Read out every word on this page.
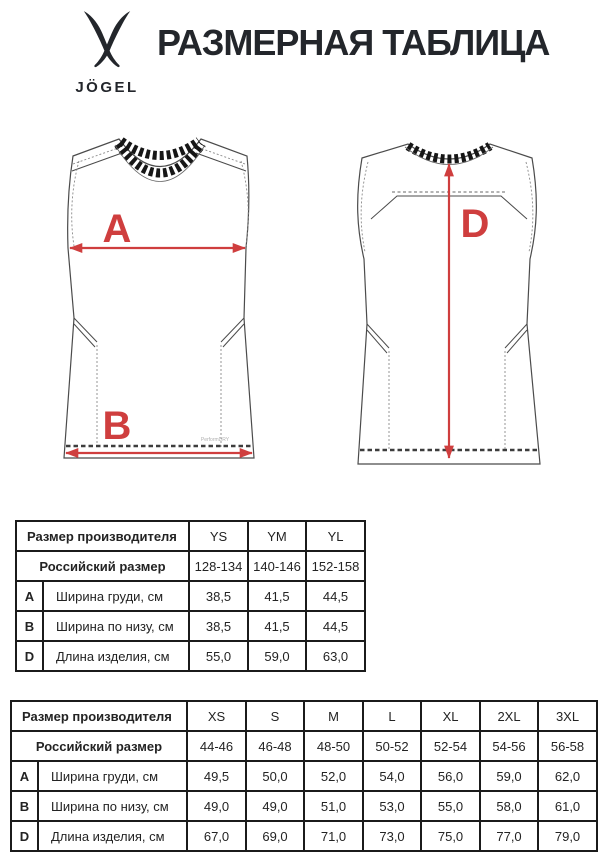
JÖGEL
РАЗМЕРНАЯ ТАБЛИЦА
A
B	PerformDRY
D
Размер производителя		YS	YM	YL
Российский размер		128-134	140-146	152-158
A	Ширина груди, см	38,5	41,5	44,5
B	Ширина по низу, см	38,5	41,5	44,5
D	Длина изделия, см	55,0	59,0	63,0
Размер производителя		XS	S	M	L	XL	2XL	3XL
Российский размер		44-46	46-48	48-50	50-52	52-54	54-56	56-58
A	Ширина груди, см	49,5	50,0	52,0	54,0	56,0	59,0	62,0
B	Ширина по низу, см	49,0	49,0	51,0	53,0	55,0	58,0	61,0
D	Длина изделия, см	67,0	69,0	71,0	73,0	75,0	77,0	79,0
